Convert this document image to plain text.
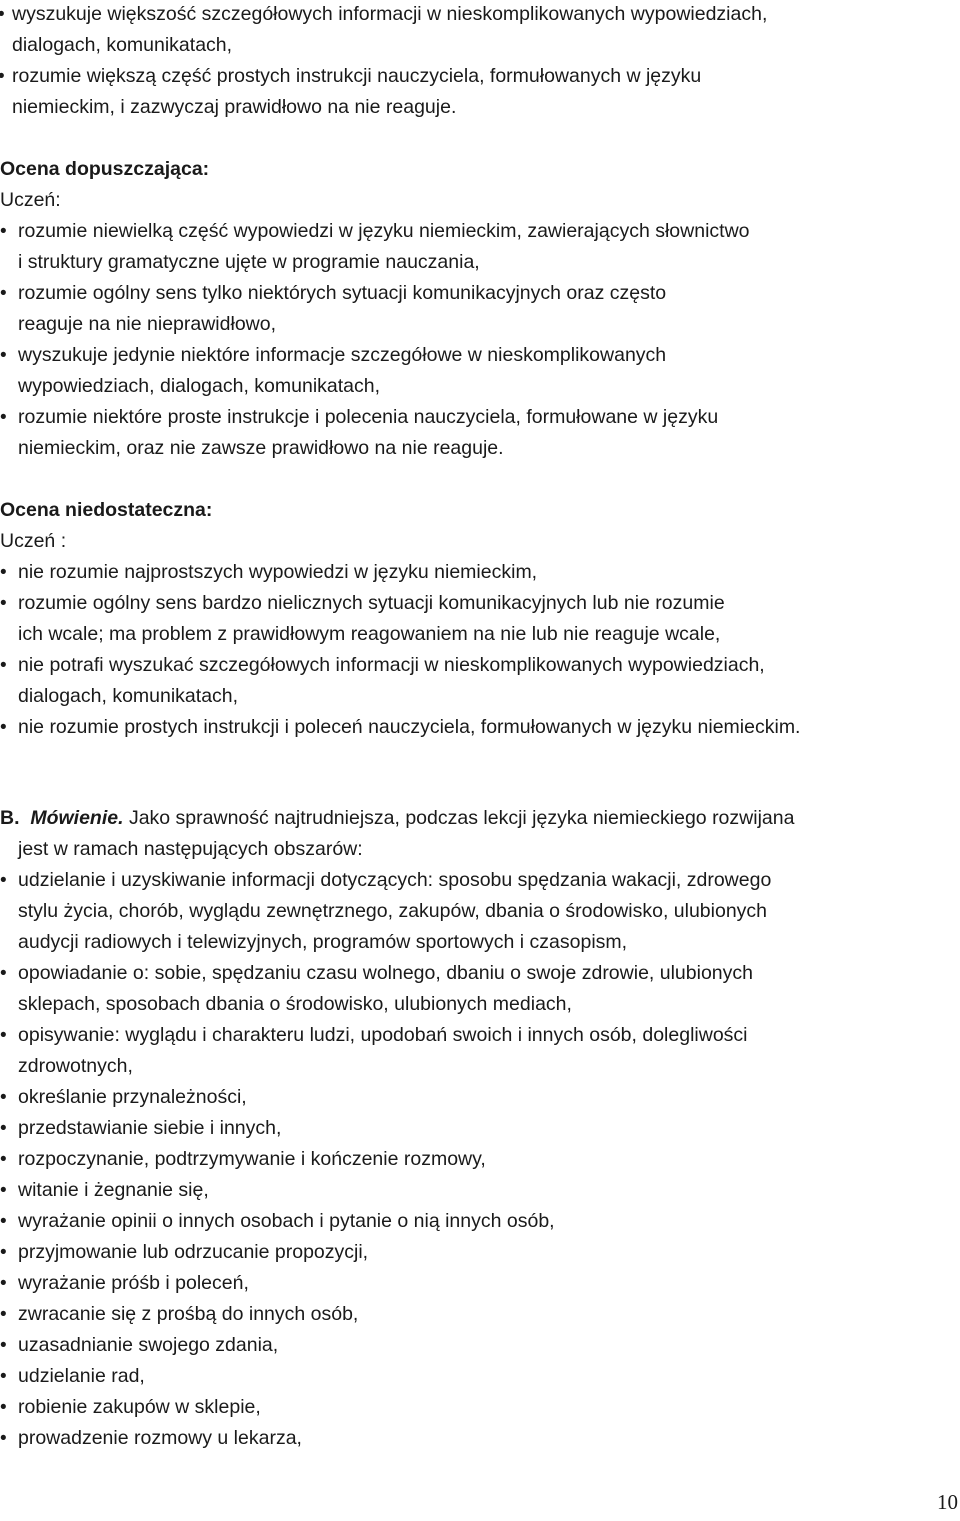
• wyszukuje większość szczegółowych informacji w nieskomplikowanych wypowiedziach,
dialogach, komunikatach,
• rozumie większą część prostych instrukcji nauczyciela, formułowanych w języku
niemieckim, i zazwyczaj prawidłowo na nie reaguje.

Ocena dopuszczająca:

Uczeń:

• rozumie niewielką część wypowiedzi w języku niemieckim, zawierających słownictwo
i struktury gramatyczne ujęte w programie nauczania,
• rozumie ogólny sens tylko niektórych sytuacji komunikacyjnych oraz często
reaguje na nie nieprawidłowo,
• wyszukuje jedynie niektóre informacje szczegółowe w nieskomplikowanych
wypowiedziach, dialogach, komunikatach,
• rozumie niektóre proste instrukcje i polecenia nauczyciela, formułowane w języku
niemieckim, oraz nie zawsze prawidłowo na nie reaguje.

Ocena niedostateczna:

Uczeń :

• nie rozumie najprostszych wypowiedzi w języku niemieckim,
• rozumie ogólny sens bardzo nielicznych sytuacji komunikacyjnych lub nie rozumie
ich wcale; ma problem z prawidłowym reagowaniem na nie lub nie reaguje wcale,
• nie potrafi wyszukać szczegółowych informacji w nieskomplikowanych wypowiedziach,
dialogach, komunikatach,
• nie rozumie prostych instrukcji i poleceń nauczyciela, formułowanych w języku niemieckim.

B. Mówienie. Jako sprawność najtrudniejsza, podczas lekcji języka niemieckiego rozwijana

jest w ramach następujących obszarów:

• udzielanie i uzyskiwanie informacji dotyczących: sposobu spędzania wakacji, zdrowego
stylu życia, chorób, wyglądu zewnętrznego, zakupów, dbania o środowisko, ulubionych
audycji radiowych i telewizyjnych, programów sportowych i czasopism,
• opowiadanie o: sobie, spędzaniu czasu wolnego, dbaniu o swoje zdrowie, ulubionych
sklepach, sposobach dbania o środowisko, ulubionych mediach,
• opisywanie: wyglądu i charakteru ludzi, upodobań swoich i innych osób, dolegliwości
zdrowotnych,
• określanie przynależności,
• przedstawianie siebie i innych,
• rozpoczynanie, podtrzymywanie i kończenie rozmowy,
• witanie i żegnanie się,
• wyrażanie opinii o innych osobach i pytanie o nią innych osób,
• przyjmowanie lub odrzucanie propozycji,
• wyrażanie próśb i poleceń,
• zwracanie się z prośbą do innych osób,
• uzasadnianie swojego zdania,
• udzielanie rad,
• robienie zakupów w sklepie,
• prowadzenie rozmowy u lekarza,
10
